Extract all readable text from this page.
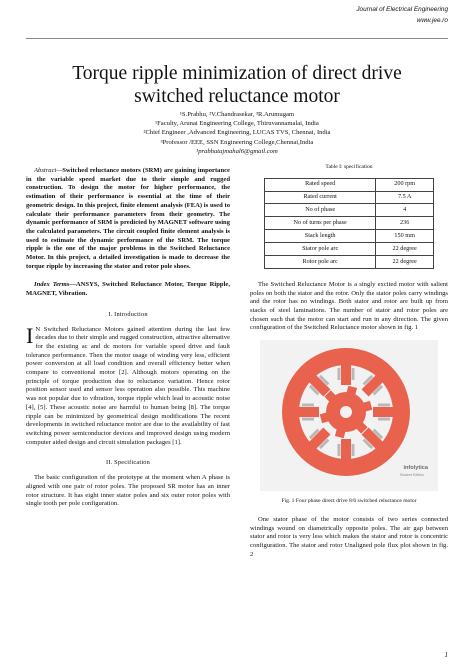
Journal of Electrical Engineering
www.jee.ro
Torque ripple minimization of direct drive
switched reluctance motor
¹S.Prabhu, ²V.Chandrasekar, ³R.Arumugam
¹Faculty, Arunai Engineering College, Thiruvannamalai, India
²Chief Engineer ,Advanced Engineering, LUCAS TVS, Chennai, India
³Professor /EEE, SSN Engineering College,Chennai,India
¹prabhutajmahal6@gmail.com

Abstract—Switched reluctance motors (SRM) are gaining importance in the variable speed market due to their simple and rugged construction. To design the motor for higher performance, the estimation of their performance is essential at the time of their geometric design. In this project, finite element analysis (FEA) is used to calculate their performance parameters from their geometry. The dynamic performance of SRM is predicted by MAGNET software using the calculated parameters. The circuit coupled finite element analysis is used to estimate the dynamic performance of the SRM. The torque ripple is the one of the major problems in the Switched Reluctance Motor. In this project, a detailed investigation is made to decrease the torque ripple by increasing the stator and rotor pole shoes.

Index Terms—ANSYS, Switched Reluctance Motor, Torque Ripple, MAGNET, Vibration.

I. Introduction

I N Switched Reluctance Motors gained attention during the last few decades due to their simple and rugged construction, attractive alternative for the existing ac and dc motors for variable speed drive and fault tolerance performance. Then the motor usage of winding very less, efficient power conversion at all load condition and overall efficiency better when compare to conventional motor [2]. Although motors operating on the principle of torque production due to reluctance variation. Hence rotor position sensor used and sensor less operation also possible. This machine was not popular due to vibration, torque ripple which lead to acoustic noise [4], [5]. These acoustic noise are harmful to human being [8]. The torque ripple can be minimized by geometrical design modifications The recent developments in switched reluctance motor are due to the availability of fast switching power semiconductor devices and improved design using modern computer aided design and circuit simulation packages [1].

II. Specification

The basic configuration of the prototype at the moment when A phase is aligned with one pair of rotor poles. The proposed SR motor has an inner rotor structure. It has eight inner stator poles and six outer rotor poles with single tooth per pole configuration.

Table I: specification
Rated speed	200 rpm
Rated current	7.5 A
No of phase	4
No of turns per phase	236
Stack length	150 mm
Stator pole arc	22 degree
Rotor pole arc	22 degree

The Switched Reluctance Motor is a singly excited motor with salient poles on both the stator and the rotor. Only the stator poles carry windings and the rotor has no windings. Both stator and rotor are built up from stacks of steel laminations. The number of stator and rotor poles are chosen such that the motor can start and run in any direction. The given configuration of the Switched Reluctance motor shown in fig. 1

infolytica
Student Edition
Fig. 1 Four phase direct drive 8/6 switched reluctance motor

One stator phase of the motor consists of two series connected windings wound on diametrically opposite poles. The air gap between stator and rotor is very less which makes the stator and rotor is concentric configuration. The stator and rotor Unaligned pole flux plot shown in fig. 2

1
